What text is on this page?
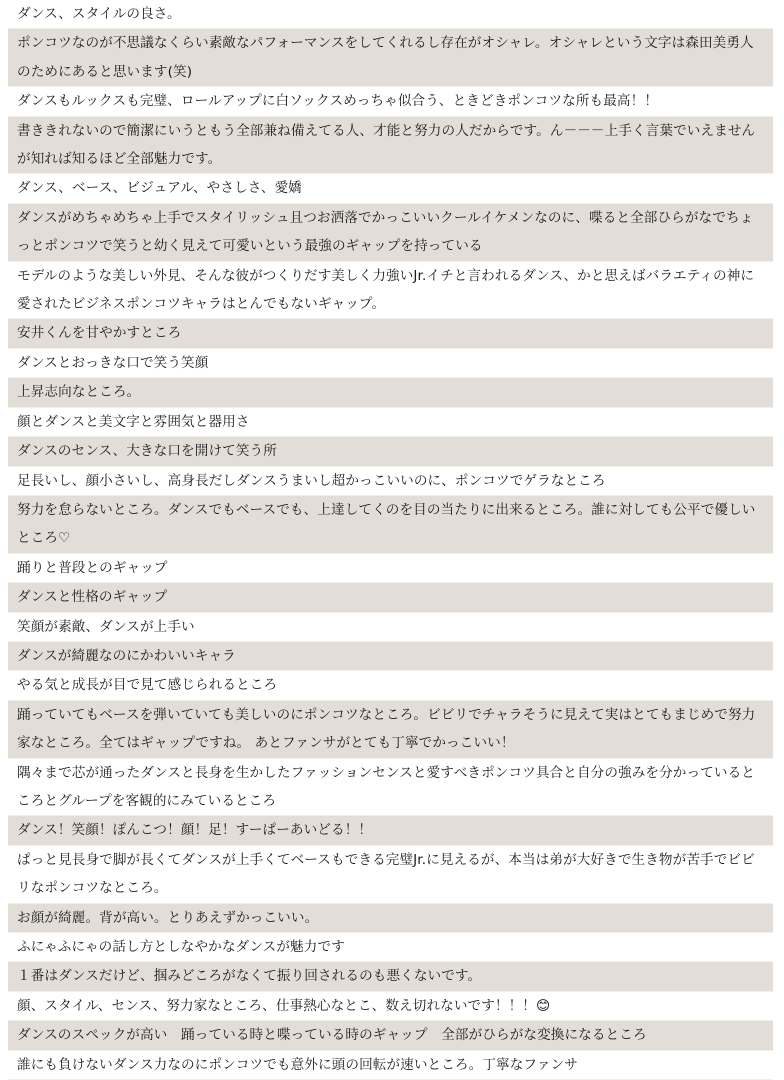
ダンス、スタイルの良さ。
ポンコツなのが不思議なくらい素敵なパフォーマンスをしてくれるし存在がオシャレ。オシャレという文字は森田美勇人のためにあると思います(笑)
ダンスもルックスも完璧、ロールアップに白ソックスめっちゃ似合う、ときどきポンコツな所も最高！！
書ききれないので簡潔にいうともう全部兼ね備えてる人、才能と努力の人だからです。ん－－－上手く言葉でいえませんが知れば知るほど全部魅力です。
ダンス、ベース、ビジュアル、やさしさ、愛嬌
ダンスがめちゃめちゃ上手でスタイリッシュ且つお洒落でかっこいいクールイケメンなのに、喋ると全部ひらがなでちょっとポンコツで笑うと幼く見えて可愛いという最強のギャップを持っている
モデルのような美しい外見、そんな彼がつくりだす美しく力強いJr.イチと言われるダンス、かと思えばバラエティの神に愛されたビジネスポンコツキャラはとんでもないギャップ。
安井くんを甘やかすところ
ダンスとおっきな口で笑う笑顔
上昇志向なところ。
顔とダンスと美文字と雰囲気と器用さ
ダンスのセンス、大きな口を開けて笑う所
足長いし、顔小さいし、高身長だしダンスうまいし超かっこいいのに、ポンコツでゲラなところ
努力を怠らないところ。ダンスでもベースでも、上達してくのを目の当たりに出来るところ。誰に対しても公平で優しいところ♡
踊りと普段とのギャップ
ダンスと性格のギャップ
笑顔が素敵、ダンスが上手い
ダンスが綺麗なのにかわいいキャラ
やる気と成長が目で見て感じられるところ
踊っていてもベースを弾いていても美しいのにポンコツなところ。ビビリでチャラそうに見えて実はとてもまじめで努力家なところ。全てはギャップですね。 あとファンサがとても丁寧でかっこいい！
隅々まで芯が通ったダンスと長身を生かしたファッションセンスと愛すべきポンコツ具合と自分の強みを分かっているところとグループを客観的にみているところ
ダンス！笑顔！ぽんこつ！顔！足！すーぱーあいどる！！
ぱっと見長身で脚が長くてダンスが上手くてベースもできる完璧Jr.に見えるが、本当は弟が大好きで生き物が苦手でビビリなポンコツなところ。
お顔が綺麗。背が高い。とりあえずかっこいい。
ふにゃふにゃの話し方としなやかなダンスが魅力です
１番はダンスだけど、掴みどころがなくて振り回されるのも悪くないです。
顔、スタイル、センス、努力家なところ、仕事熱心なとこ、数え切れないです！！！😊
ダンスのスペックが高い　踊っている時と喋っている時のギャップ　全部がひらがな変換になるところ
誰にも負けないダンス力なのにポンコツでも意外に頭の回転が速いところ。丁寧なファンサ
